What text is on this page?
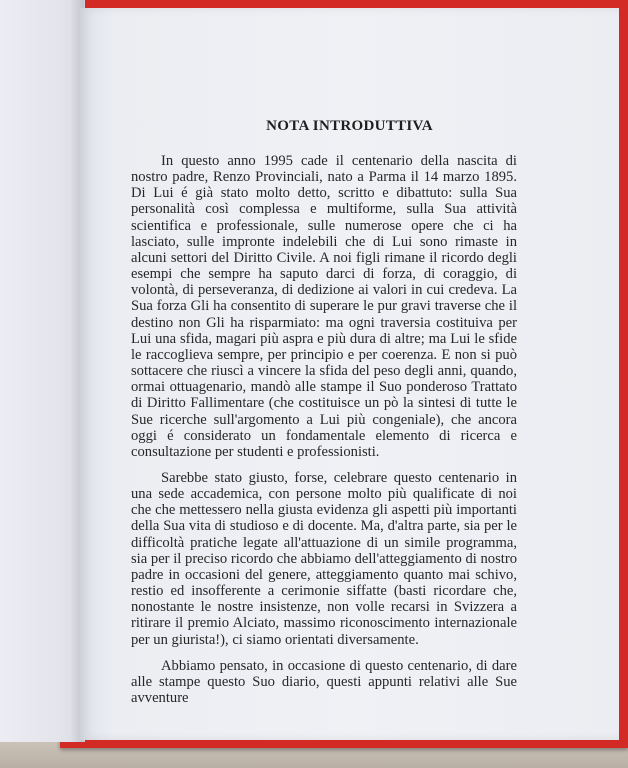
NOTA INTRODUTTIVA

In questo anno 1995 cade il centenario della nascita di nostro padre, Renzo Provinciali, nato a Parma il 14 marzo 1895. Di Lui é già stato molto detto, scritto e dibattuto: sulla Sua personalità così complessa e multiforme, sulla Sua attività scientifica e professionale, sulle numerose opere che ci ha lasciato, sulle impronte indelebili che di Lui sono rimaste in alcuni settori del Diritto Civile. A noi figli rimane il ricordo degli esempi che sempre ha saputo darci di forza, di coraggio, di volontà, di perseveranza, di dedizione ai valori in cui credeva. La Sua forza Gli ha consentito di superare le pur gravi traverse che il destino non Gli ha risparmiato: ma ogni traversia costituiva per Lui una sfida, magari più aspra e più dura di altre; ma Lui le sfide le raccoglieva sempre, per principio e per coerenza. E non si può sottacere che riuscì a vincere la sfida del peso degli anni, quando, ormai ottuagenario, mandò alle stampe il Suo ponderoso Trattato di Diritto Fallimentare (che costituisce un pò la sintesi di tutte le Sue ricerche sull'argomento a Lui più congeniale), che ancora oggi é considerato un fondamentale elemento di ricerca e consultazione per studenti e professionisti.

Sarebbe stato giusto, forse, celebrare questo centenario in una sede accademica, con persone molto più qualificate di noi che che mettessero nella giusta evidenza gli aspetti più importanti della Sua vita di studioso e di docente. Ma, d'altra parte, sia per le difficoltà pratiche legate all'attuazione di un simile programma, sia per il preciso ricordo che abbiamo dell'atteggiamento di nostro padre in occasioni del genere, atteggiamento quanto mai schivo, restio ed insofferente a cerimonie siffatte (basti ricordare che, nonostante le nostre insistenze, non volle recarsi in Svizzera a ritirare il premio Alciato, massimo riconoscimento internazionale per un giurista!), ci siamo orientati diversamente.

Abbiamo pensato, in occasione di questo centenario, di dare alle stampe questo Suo diario, questi appunti relativi alle Sue avventure
